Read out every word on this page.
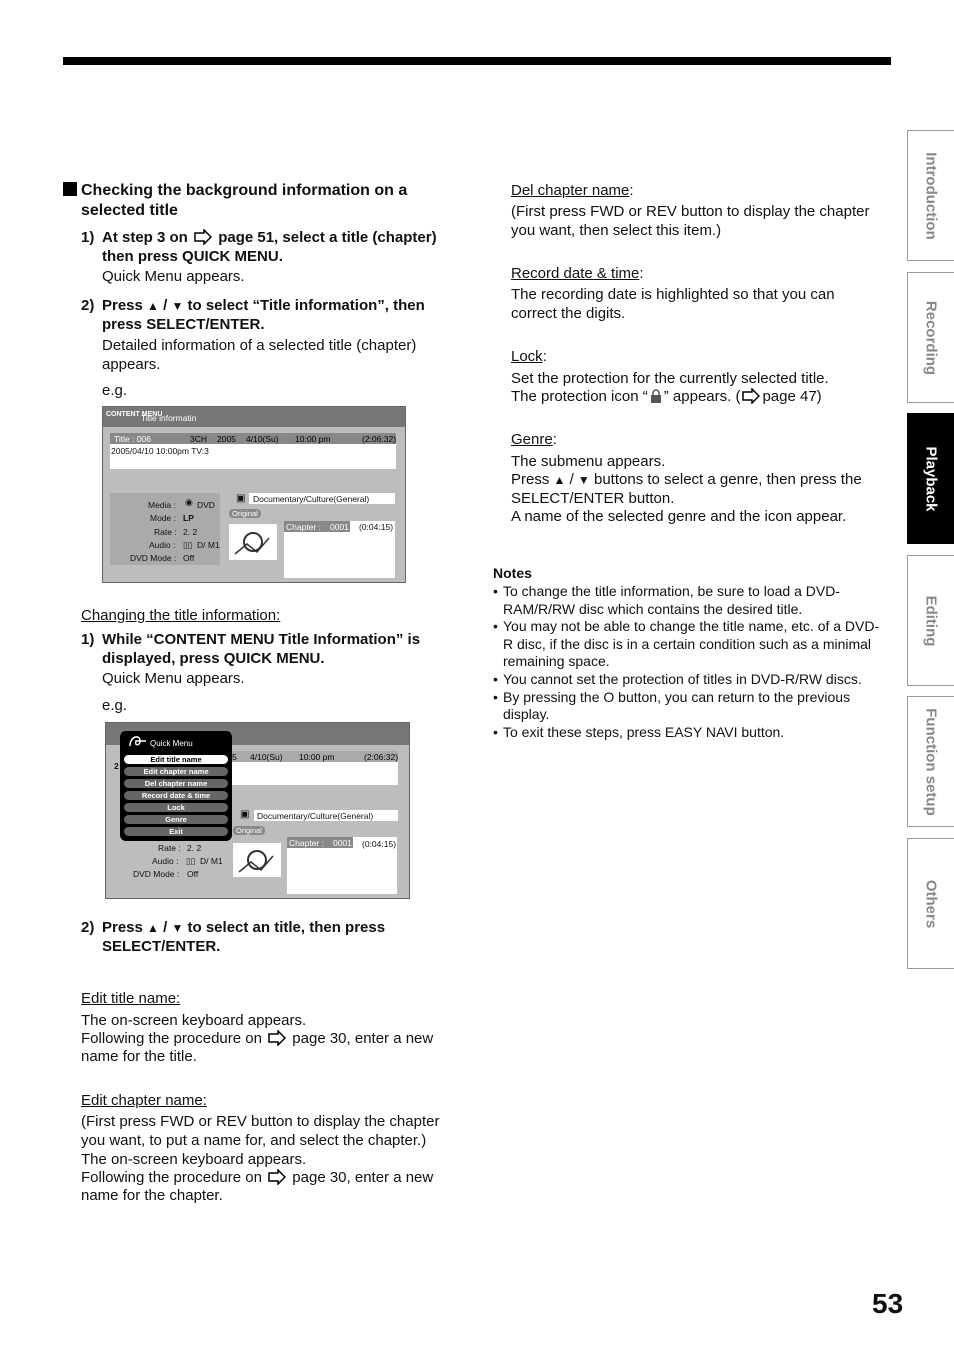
Checking the background information on a selected title
1) At step 3 on page 51, select a title (chapter) then press QUICK MENU.
Quick Menu appears.
2) Press ▲ / ▼ to select “Title information”, then press SELECT/ENTER.
Detailed information of a selected title (chapter) appears.
e.g.
CONTENT MENU
Title informatin
Title : 006	3CH 2005 4/10(Su) 10:00 pm	(2:06:32)
2005/04/10 10:00pm TV:3
Media : ◉ DVD
Mode : LP
Rate : 2. 2
Audio : ▯▯ D/ M1
DVD Mode : Off
▣ Documentary/Culture(General)
Original
Chapter : 0001 (0:04:15)
Changing the title information:
1) While “CONTENT MENU Title Information” is displayed, press QUICK MENU.
Quick Menu appears.
e.g.
5 4/10(Su) 10:00 pm	(2:06:32)
2
Rate : 2. 2
Audio : ▯▯ D/ M1
DVD Mode : Off
▣ Documentary/Culture(General)
Original
Chapter : 0001 (0:04:15)
Quick Menu
Edit title name
Edit chapter name
Del chapter name
Record date & time
Lock
Genre
Exit
2) Press ▲ / ▼ to select an title, then press SELECT/ENTER.
Edit title name:
The on-screen keyboard appears.
Following the procedure on page 30, enter a new
name for the title.
Edit chapter name:
(First press FWD or REV button to display the chapter
you want, to put a name for, and select the chapter.)
The on-screen keyboard appears.
Following the procedure on page 30, enter a new
name for the chapter.
Del chapter name:
(First press FWD or REV button to display the chapter
you want, then select this item.)
Record date & time:
The recording date is highlighted so that you can
correct the digits.
Lock:
Set the protection for the currently selected title.
The protection icon “ ” appears. ( page 47)
Genre:
The submenu appears.
Press ▲ / ▼ buttons to select a genre, then press the
SELECT/ENTER button.
A name of the selected genre and the icon appear.
Notes
• To change the title information, be sure to load a DVD-RAM/R/RW disc which contains the desired title.
• You may not be able to change the title name, etc. of a DVD-R disc, if the disc is in a certain condition such as a minimal remaining space.
• You cannot set the protection of titles in DVD-R/RW discs.
• By pressing the O button, you can return to the previous display.
• To exit these steps, press EASY NAVI button.
Introduction
Recording
Playback
Editing
Function setup
Others
53
